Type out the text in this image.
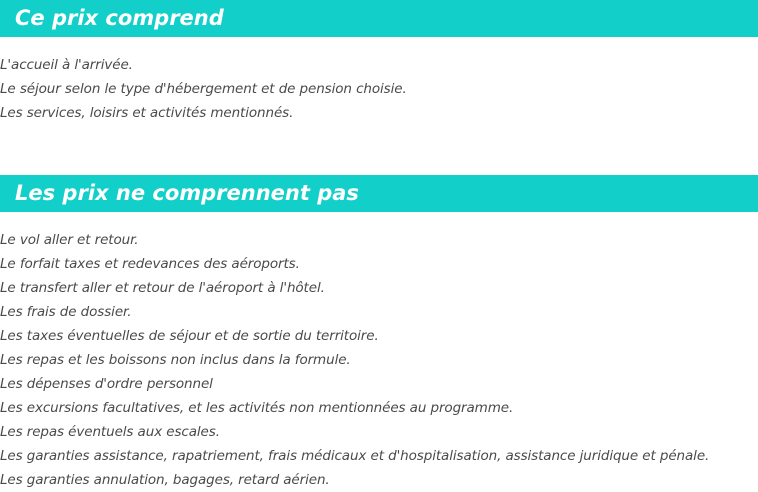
Ce prix comprend
L'accueil à l'arrivée.
Le séjour selon le type d'hébergement et de pension choisie.
Les services, loisirs et activités mentionnés.
Les prix ne comprennent pas
Le vol aller et retour.
Le forfait taxes et redevances des aéroports.
Le transfert aller et retour de l'aéroport à l'hôtel.
Les frais de dossier.
Les taxes éventuelles de séjour et de sortie du territoire.
Les repas et les boissons non inclus dans la formule.
Les dépenses d'ordre personnel
Les excursions facultatives, et les activités non mentionnées au programme.
Les repas éventuels aux escales.
Les garanties assistance, rapatriement, frais médicaux et d'hospitalisation, assistance juridique et pénale.
Les garanties annulation, bagages, retard aérien.
